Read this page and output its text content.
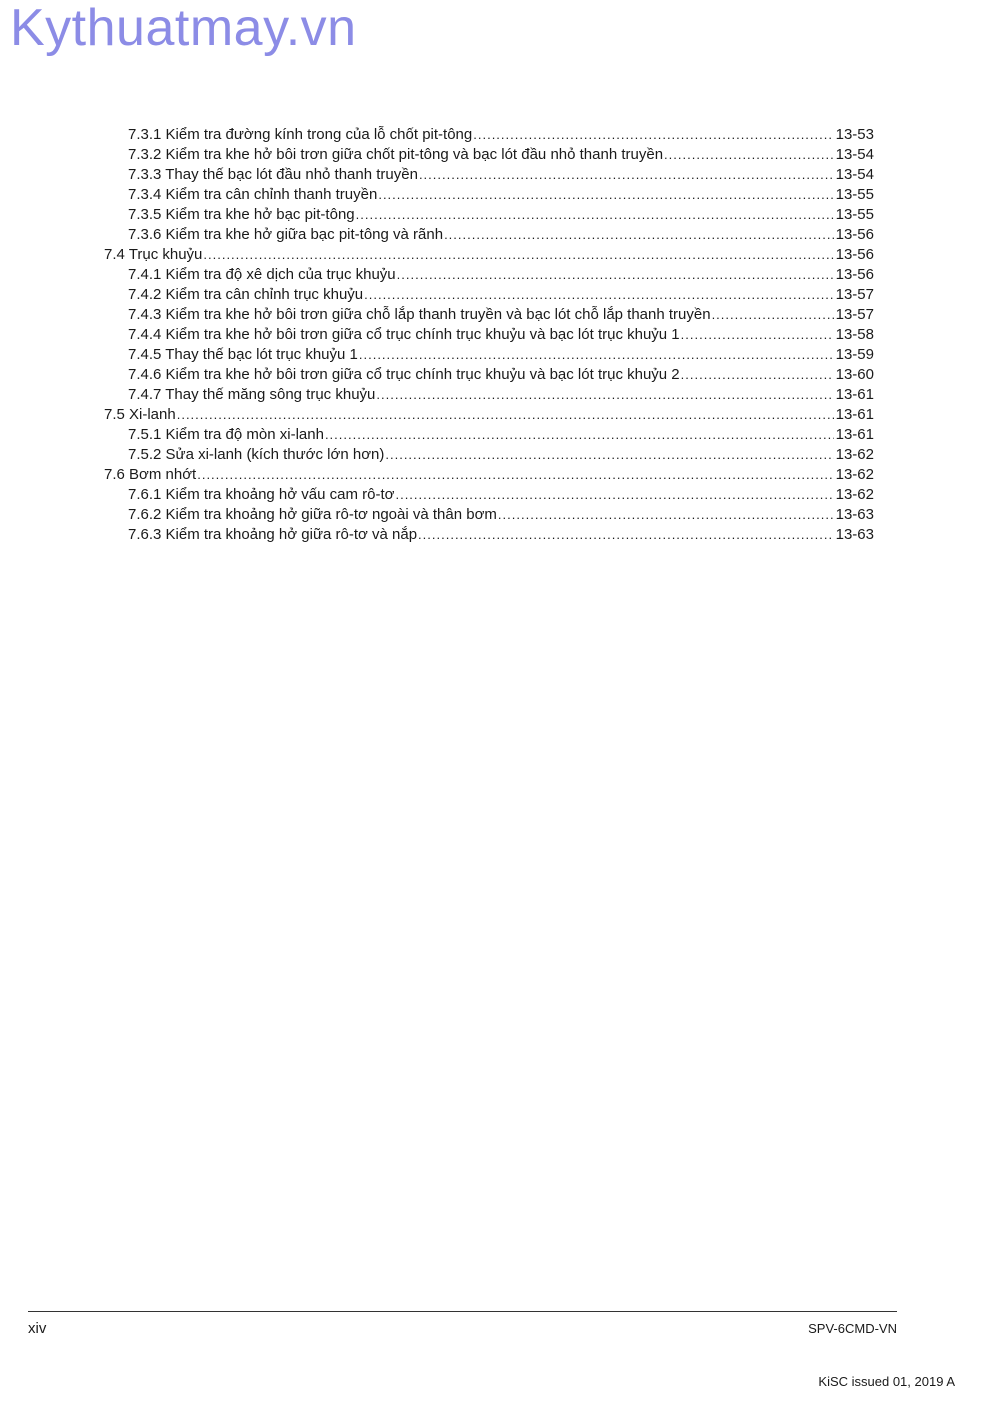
Kythuatmay.vn
7.3.1 Kiểm tra đường kính trong của lỗ chốt pit-tông .....	13-53
7.3.2 Kiểm tra khe hở bôi trơn giữa chốt pit-tông và bạc lót đầu nhỏ thanh truyền .....	13-54
7.3.3 Thay thế bạc lót đầu nhỏ thanh truyền .....	13-54
7.3.4 Kiểm tra cân chỉnh thanh truyền .....	13-55
7.3.5 Kiểm tra khe hở bạc pit-tông .....	13-55
7.3.6 Kiểm tra khe hở giữa bạc pit-tông và rãnh .....	13-56
7.4 Trục khuỷu .....	13-56
7.4.1 Kiểm tra độ xê dịch của trục khuỷu .....	13-56
7.4.2 Kiểm tra cân chỉnh trục khuỷu .....	13-57
7.4.3 Kiểm tra khe hở bôi trơn giữa chỗ lắp thanh truyền và bạc lót chỗ lắp thanh truyền .....	13-57
7.4.4 Kiểm tra khe hở bôi trơn giữa cổ trục chính trục khuỷu và bạc lót trục khuỷu 1 .....	13-58
7.4.5 Thay thế bạc lót trục khuỷu 1 .....	13-59
7.4.6 Kiểm tra khe hở bôi trơn giữa cổ trục chính trục khuỷu và bạc lót trục khuỷu 2 .....	13-60
7.4.7 Thay thế măng sông trục khuỷu .....	13-61
7.5 Xi-lanh .....	13-61
7.5.1 Kiểm tra độ mòn xi-lanh .....	13-61
7.5.2 Sửa xi-lanh (kích thước lớn hơn) .....	13-62
7.6 Bơm nhớt .....	13-62
7.6.1 Kiểm tra khoảng hở vấu cam rô-tơ .....	13-62
7.6.2 Kiểm tra khoảng hở giữa rô-tơ ngoài và thân bơm .....	13-63
7.6.3 Kiểm tra khoảng hở giữa rô-tơ và nắp .....	13-63
xiv	SPV-6CMD-VN
KiSC issued 01, 2019 A
